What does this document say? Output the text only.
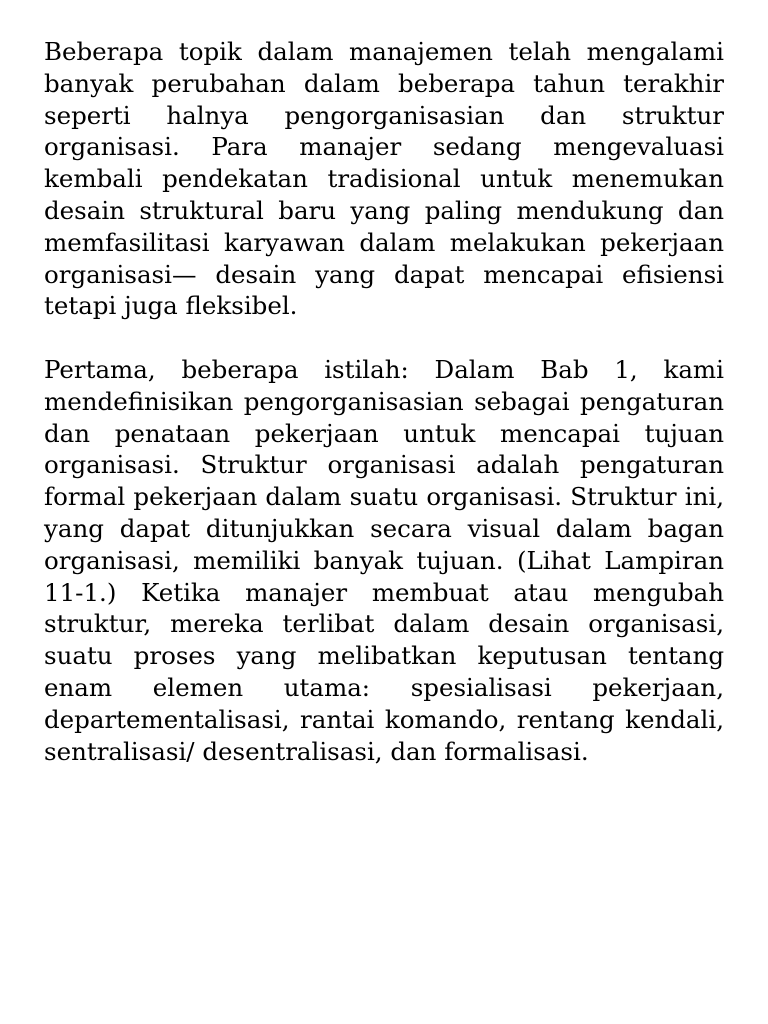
Beberapa topik dalam manajemen telah mengalami banyak perubahan dalam beberapa tahun terakhir seperti halnya pengorganisasian dan struktur organisasi. Para manajer sedang mengevaluasi kembali pendekatan tradisional untuk menemukan desain struktural baru yang paling mendukung dan memfasilitasi karyawan dalam melakukan pekerjaan organisasi— desain yang dapat mencapai efisiensi tetapi juga fleksibel.

Pertama, beberapa istilah: Dalam Bab 1, kami mendefinisikan pengorganisasian sebagai pengaturan dan penataan pekerjaan untuk mencapai tujuan organisasi. Struktur organisasi adalah pengaturan formal pekerjaan dalam suatu organisasi. Struktur ini, yang dapat ditunjukkan secara visual dalam bagan organisasi, memiliki banyak tujuan. (Lihat Lampiran 11-1.) Ketika manajer membuat atau mengubah struktur, mereka terlibat dalam desain organisasi, suatu proses yang melibatkan keputusan tentang enam elemen utama: spesialisasi pekerjaan, departementalisasi, rantai komando, rentang kendali, sentralisasi/ desentralisasi, dan formalisasi.
